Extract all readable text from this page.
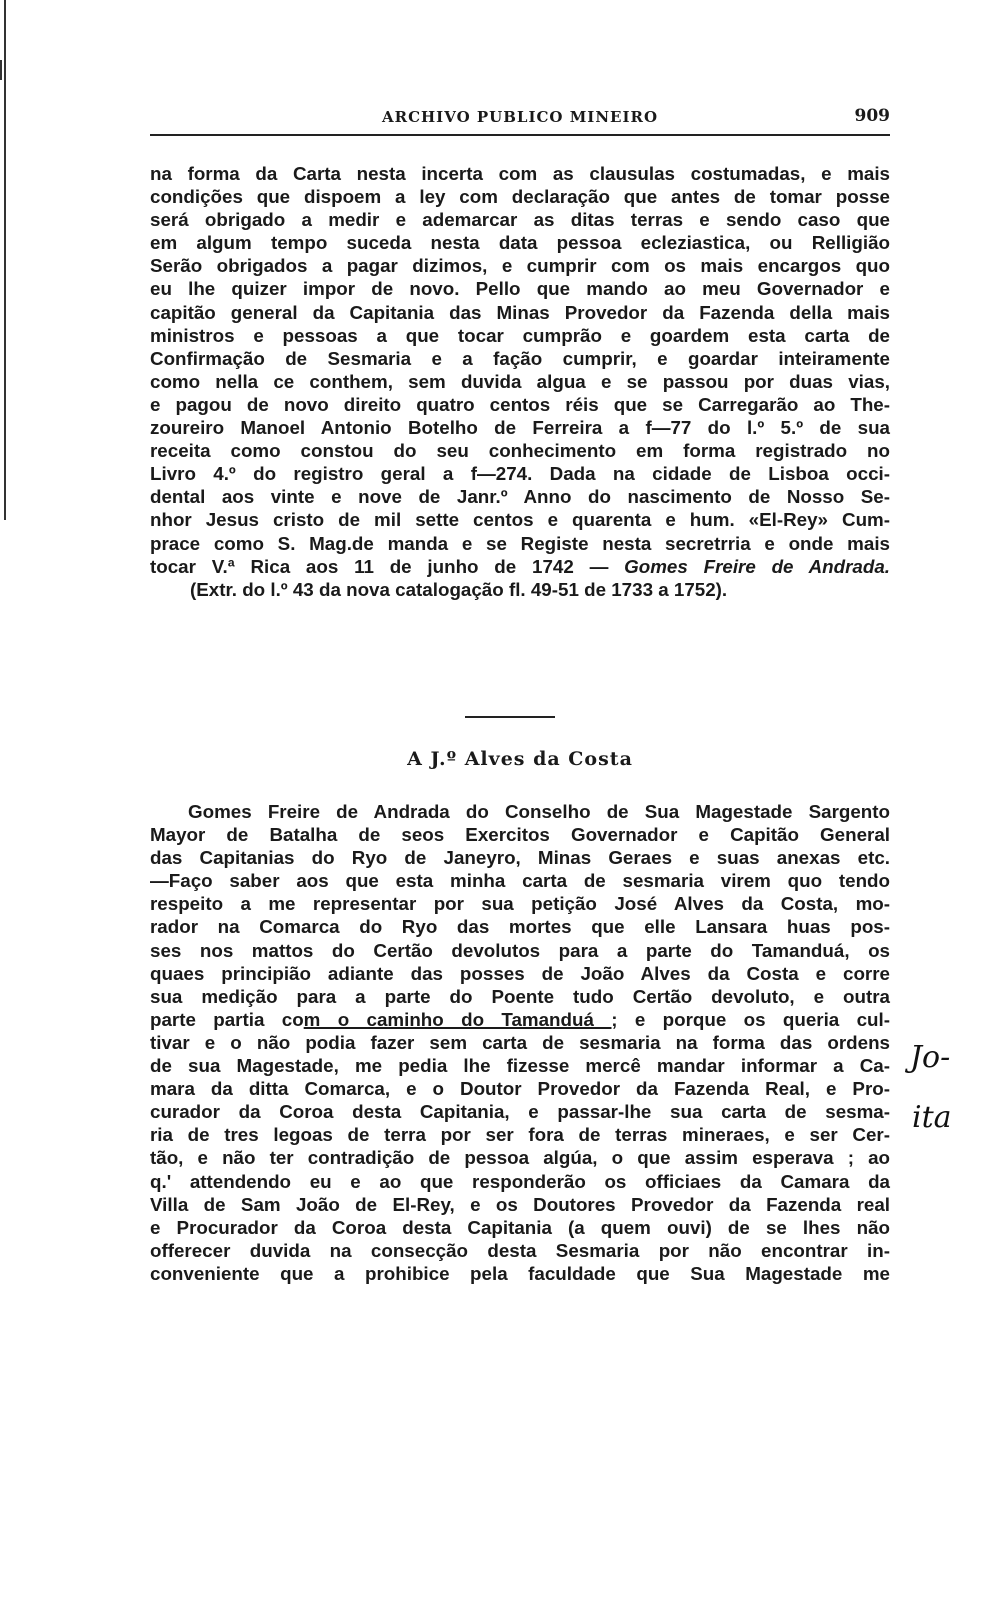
ARCHIVO PUBLICO MINEIRO	909
na forma da Carta nesta incerta com as clausulas costumadas, e mais
condições que dispoem a ley com declaração que antes de tomar posse
será obrigado a medir e ademarcar as ditas terras e sendo caso que
em algum tempo suceda nesta data pessoa ecleziastica, ou Relligião
Serão obrigados a pagar dizimos, e cumprir com os mais encargos quo
eu lhe quizer impor de novo. Pello que mando ao meu Governador e
capitão general da Capitania das Minas Provedor da Fazenda della mais
ministros e pessoas a que tocar cumprão e goardem esta carta de
Confirmação de Sesmaria e a fação cumprir, e goardar inteiramente
como nella ce conthem, sem duvida algua e se passou por duas vias,
e pagou de novo direito quatro centos réis que se Carregarão ao The-
zoureiro Manoel Antonio Botelho de Ferreira a f—77 do l.º 5.º de sua
receita como constou do seu conhecimento em forma registrado no
Livro 4.º do registro geral a f—274. Dada na cidade de Lisboa occi-
dental aos vinte e nove de Janr.º Anno do nascimento de Nosso Se-
nhor Jesus cristo de mil sette centos e quarenta e hum. «El-Rey» Cum-
prace como S. Mag.de manda e se Registe nesta secretrria e onde mais
tocar V.ª Rica aos 11 de junho de 1742 — Gomes Freire de Andrada.
(Extr. do l.º 43 da nova catalogação fl. 49-51 de 1733 a 1752).
A J.º Alves da Costa
Gomes Freire de Andrada do Conselho de Sua Magestade Sargento
Mayor de Batalha de seos Exercitos Governador e Capitão General
das Capitanias do Ryo de Janeyro, Minas Geraes e suas anexas etc.
—Faço saber aos que esta minha carta de sesmaria virem quo tendo
respeito a me representar por sua petição José Alves da Costa, mo-
rador na Comarca do Ryo das mortes que elle Lansara huas pos-
ses nos mattos do Certão devolutos para a parte do Tamanduá, os
quaes principião adiante das posses de João Alves da Costa e corre
sua medição para a parte do Poente tudo Certão devoluto, e outra
parte partia com o caminho do Tamanduá ; e porque os queria cul-
tivar e o não podia fazer sem carta de sesmaria na forma das ordens
de sua Magestade, me pedia lhe fizesse mercê mandar informar a Ca-
mara da ditta Comarca, e o Doutor Provedor da Fazenda Real, e Pro-
curador da Coroa desta Capitania, e passar-lhe sua carta de sesma-
ria de tres legoas de terra por ser fora de terras mineraes, e ser Cer-
tão, e não ter contradição de pessoa algúa, o que assim esperava ; ao
q.' attendendo eu e ao que responderão os officiaes da Camara da
Villa de Sam João de El-Rey, e os Doutores Provedor da Fazenda real
e Procurador da Coroa desta Capitania (a quem ouvi) de se lhes não
offerecer duvida na consecção desta Sesmaria por não encontrar in-
conveniente que a prohibice pela faculdade que Sua Magestade me
Jo-
ita
